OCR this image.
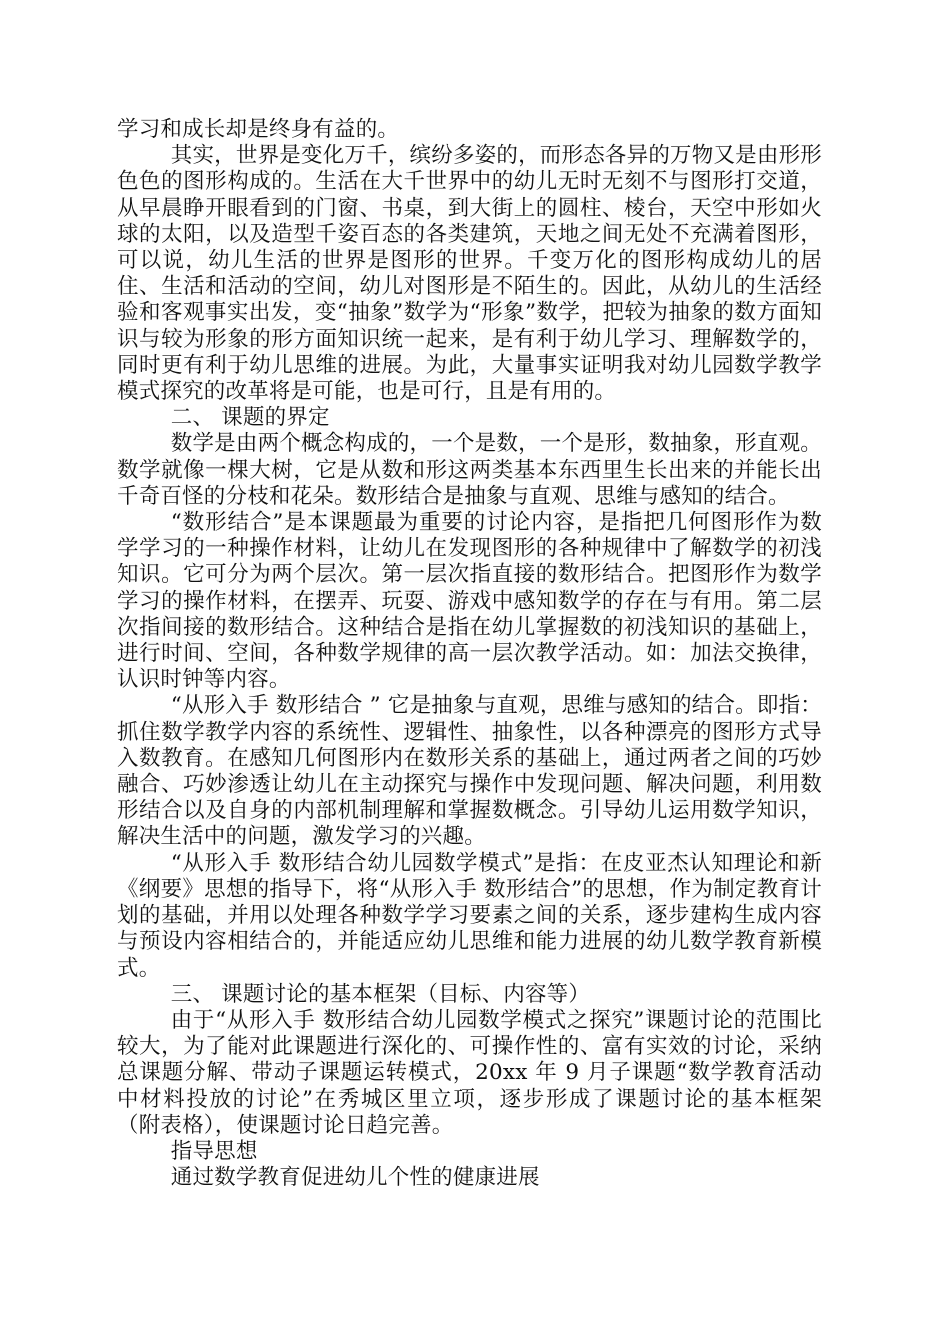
学习和成长却是终身有益的。

其实，世界是变化万千，缤纷多姿的，而形态各异的万物又是由形形色色的图形构成的。生活在大千世界中的幼儿无时无刻不与图形打交道，从早晨睁开眼看到的门窗、书桌，到大街上的圆柱、棱台，天空中形如火球的太阳，以及造型千姿百态的各类建筑，天地之间无处不充满着图形，可以说，幼儿生活的世界是图形的世界。千变万化的图形构成幼儿的居住、生活和活动的空间，幼儿对图形是不陌生的。因此，从幼儿的生活经验和客观事实出发，变“抽象”数学为“形象”数学，把较为抽象的数方面知识与较为形象的形方面知识统一起来，是有利于幼儿学习、理解数学的，同时更有利于幼儿思维的进展。为此，大量事实证明我对幼儿园数学教学模式探究的改革将是可能，也是可行，且是有用的。

二、 课题的界定

数学是由两个概念构成的，一个是数，一个是形，数抽象，形直观。数学就像一棵大树，它是从数和形这两类基本东西里生长出来的并能长出千奇百怪的分枝和花朵。数形结合是抽象与直观、思维与感知的结合。

“数形结合”是本课题最为重要的讨论内容，是指把几何图形作为数学学习的一种操作材料，让幼儿在发现图形的各种规律中了解数学的初浅知识。它可分为两个层次。第一层次指直接的数形结合。把图形作为数学学习的操作材料，在摆弄、玩耍、游戏中感知数学的存在与有用。第二层次指间接的数形结合。这种结合是指在幼儿掌握数的初浅知识的基础上，进行时间、空间，各种数学规律的高一层次教学活动。如：加法交换律，认识时钟等内容。

“从形入手 数形结合 ” 它是抽象与直观，思维与感知的结合。即指：抓住数学教学内容的系统性、逻辑性、抽象性，以各种漂亮的图形方式导入数教育。在感知几何图形内在数形关系的基础上，通过两者之间的巧妙融合、巧妙渗透让幼儿在主动探究与操作中发现问题、解决问题，利用数形结合以及自身的内部机制理解和掌握数概念。引导幼儿运用数学知识，解决生活中的问题，激发学习的兴趣。

“从形入手 数形结合幼儿园数学模式”是指：在皮亚杰认知理论和新《纲要》思想的指导下，将“从形入手 数形结合”的思想，作为制定教育计划的基础，并用以处理各种数学学习要素之间的关系，逐步建构生成内容与预设内容相结合的，并能适应幼儿思维和能力进展的幼儿数学教育新模式。

三、 课题讨论的基本框架（目标、内容等）

由于“从形入手 数形结合幼儿园数学模式之探究”课题讨论的范围比较大，为了能对此课题进行深化的、可操作性的、富有实效的讨论，采纳总课题分解、带动子课题运转模式，20xx 年 9 月子课题“数学教育活动中材料投放的讨论”在秀城区里立项，逐步形成了课题讨论的基本框架（附表格），使课题讨论日趋完善。

指导思想

通过数学教育促进幼儿个性的健康进展
